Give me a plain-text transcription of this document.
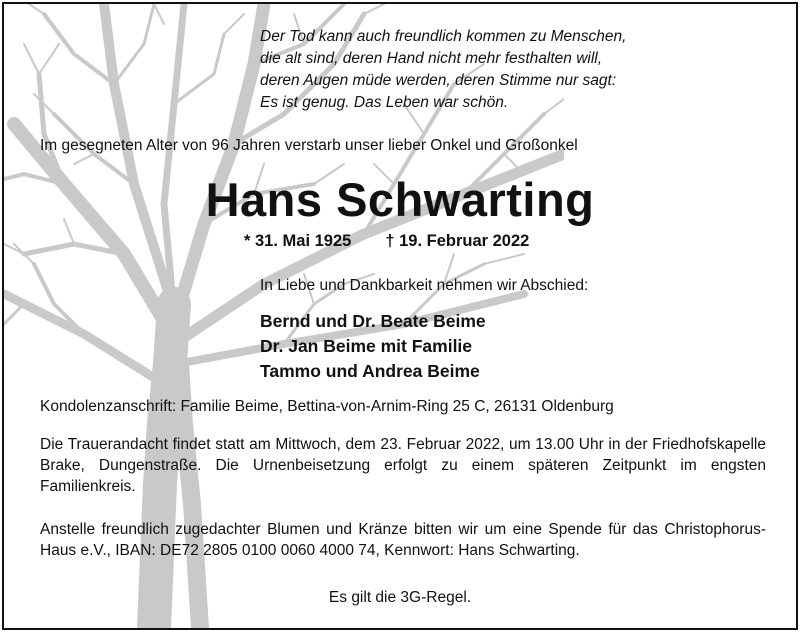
Der Tod kann auch freundlich kommen zu Menschen,
die alt sind, deren Hand nicht mehr festhalten will,
deren Augen müde werden, deren Stimme nur sagt:
Es ist genug. Das Leben war schön.
Im gesegneten Alter von 96 Jahren verstarb unser lieber Onkel und Großonkel
Hans Schwarting
* 31. Mai 1925 † 19. Februar 2022
In Liebe und Dankbarkeit nehmen wir Abschied:
Bernd und Dr. Beate Beime
Dr. Jan Beime mit Familie
Tammo und Andrea Beime
Kondolenzanschrift: Familie Beime, Bettina-von-Arnim-Ring 25 C, 26131 Oldenburg
Die Trauerandacht findet statt am Mittwoch, dem 23. Februar 2022, um 13.00 Uhr in der Friedhofskapelle Brake, Dungenstraße. Die Urnenbeisetzung erfolgt zu einem späteren Zeitpunkt im engsten Familienkreis.
Anstelle freundlich zugedachter Blumen und Kränze bitten wir um eine Spende für das Christophorus-Haus e.V., IBAN: DE72 2805 0100 0060 4000 74, Kennwort: Hans Schwarting.
Es gilt die 3G-Regel.
